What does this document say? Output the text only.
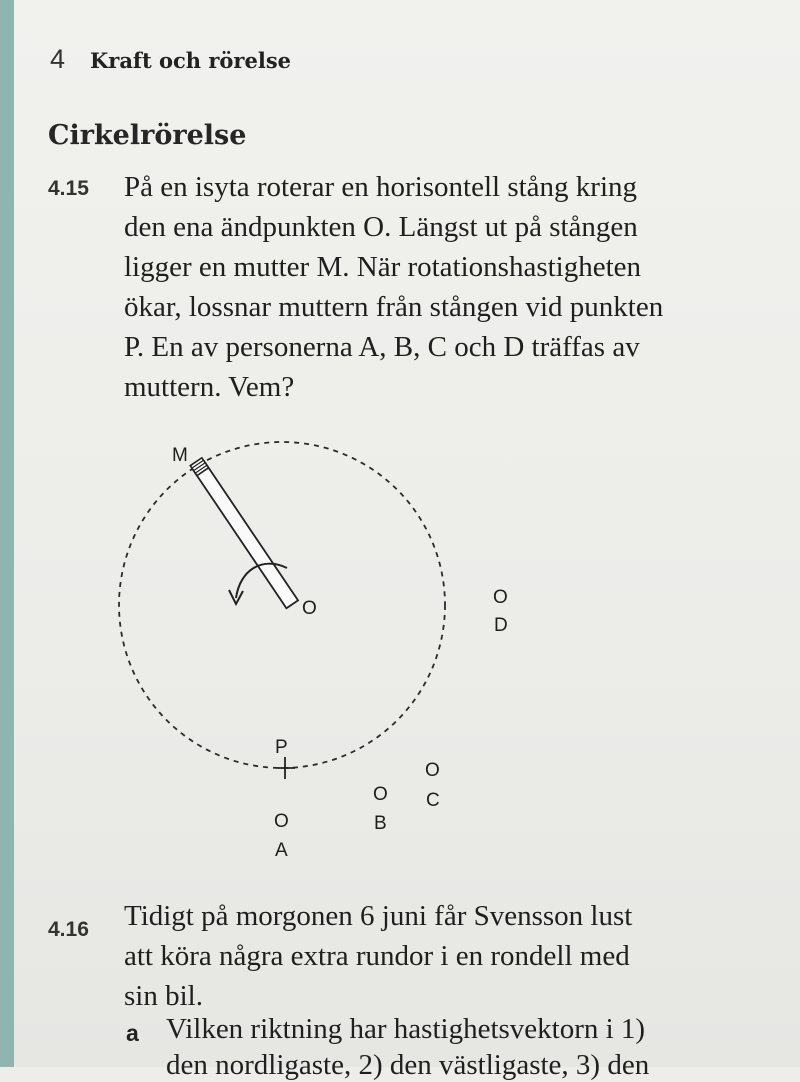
4 Kraft och rörelse
Cirkelrörelse
4.15 På en isyta roterar en horisontell stång kring
den ena ändpunkten O. Längst ut på stången
ligger en mutter M. När rotationshastigheten
ökar, lossnar muttern från stången vid punkten
P. En av personerna A, B, C och D träffas av
muttern. Vem?
M
O
P
O
D
O
C
O
B
O
A
4.16 Tidigt på morgonen 6 juni får Svensson lust
att köra några extra rundor i en rondell med
sin bil.
a Vilken riktning har hastighetsvektorn i 1)
den nordligaste, 2) den västligaste, 3) den
